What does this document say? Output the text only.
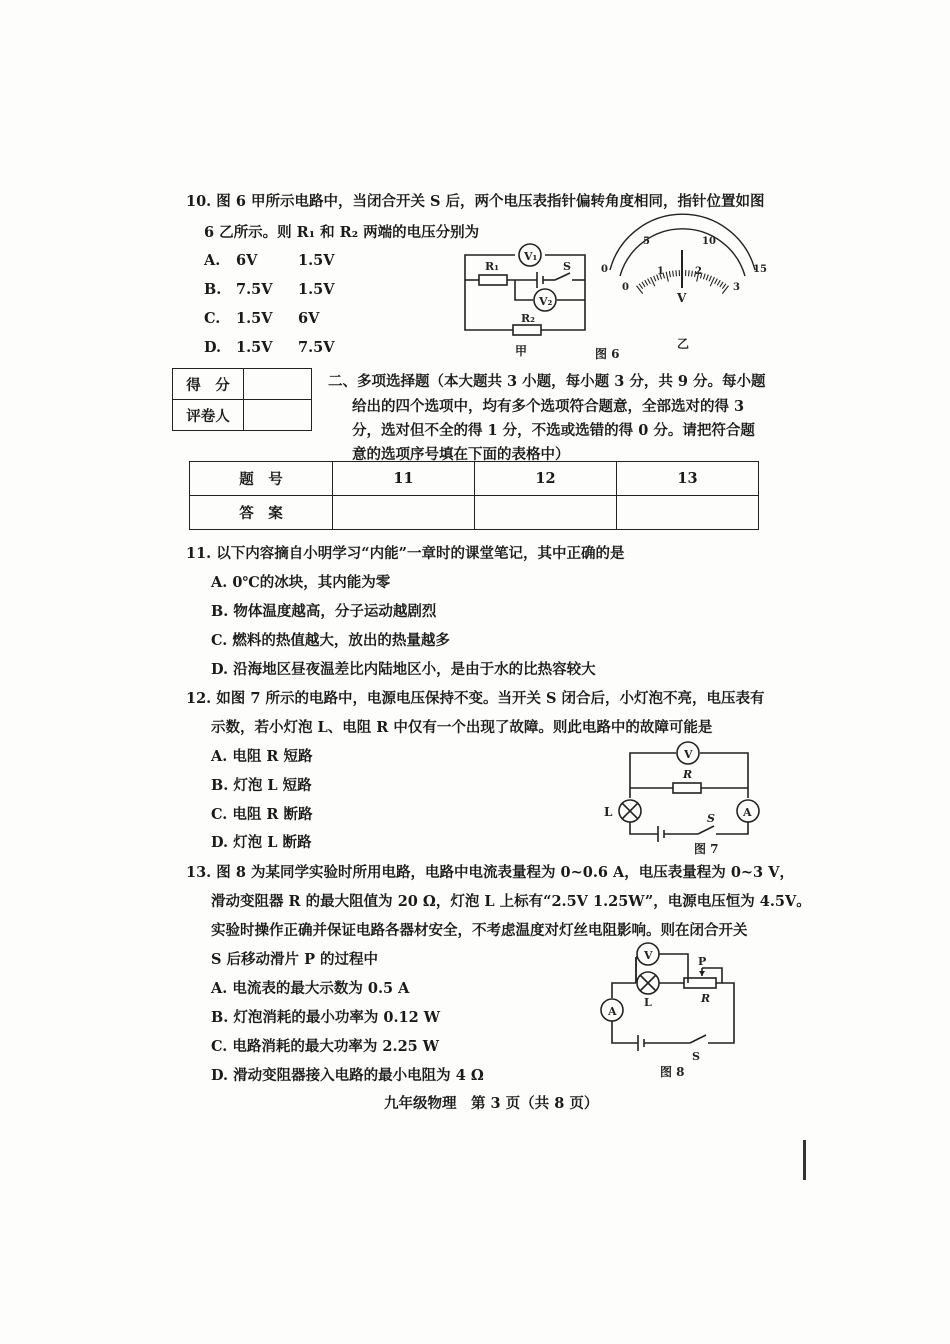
10. 图 6 甲所示电路中，当闭合开关 S 后，两个电压表指针偏转角度相同，指针位置如图
6 乙所示。则 R₁ 和 R₂ 两端的电压分别为
A. 6V	1.5V
B. 7.5V 1.5V
C. 1.5V 6V
D. 1.5V 7.5V
V₁
V₂
R₁
R₂
S
甲	图 6
0
5	10
15
0
1	2
3
V
乙
得　分	
评卷人	
二、多项选择题（本大题共 3 小题，每小题 3 分，共 9 分。每小题
给出的四个选项中，均有多个选项符合题意，全部选对的得 3
分，选对但不全的得 1 分，不选或选错的得 0 分。请把符合题
意的选项序号填在下面的表格中）
题　号	11	12	13
答　案			
11. 以下内容摘自小明学习“内能”一章时的课堂笔记，其中正确的是
A. 0℃的冰块，其内能为零
B. 物体温度越高，分子运动越剧烈
C. 燃料的热值越大，放出的热量越多
D. 沿海地区昼夜温差比内陆地区小，是由于水的比热容较大
12. 如图 7 所示的电路中，电源电压保持不变。当开关 S 闭合后，小灯泡不亮，电压表有
示数，若小灯泡 L、电阻 R 中仅有一个出现了故障。则此电路中的故障可能是
A. 电阻 R 短路
B. 灯泡 L 短路
C. 电阻 R 断路
D. 灯泡 L 断路
V
R
L	A
S
图 7
13. 图 8 为某同学实验时所用电路，电路中电流表量程为 0~0.6 A，电压表量程为 0~3 V，
滑动变阻器 R 的最大阻值为 20 Ω，灯泡 L 上标有“2.5V 1.25W”，电源电压恒为 4.5V。
实验时操作正确并保证电路各器材安全，不考虑温度对灯丝电阻影响。则在闭合开关
S 后移动滑片 P 的过程中
A. 电流表的最大示数为 0.5 A
B. 灯泡消耗的最小功率为 0.12 W
C. 电路消耗的最大功率为 2.25 W
D. 滑动变阻器接入电路的最小电阻为 4 Ω
V
A
L
P
R
S
图 8
九年级物理　第 3 页（共 8 页）
